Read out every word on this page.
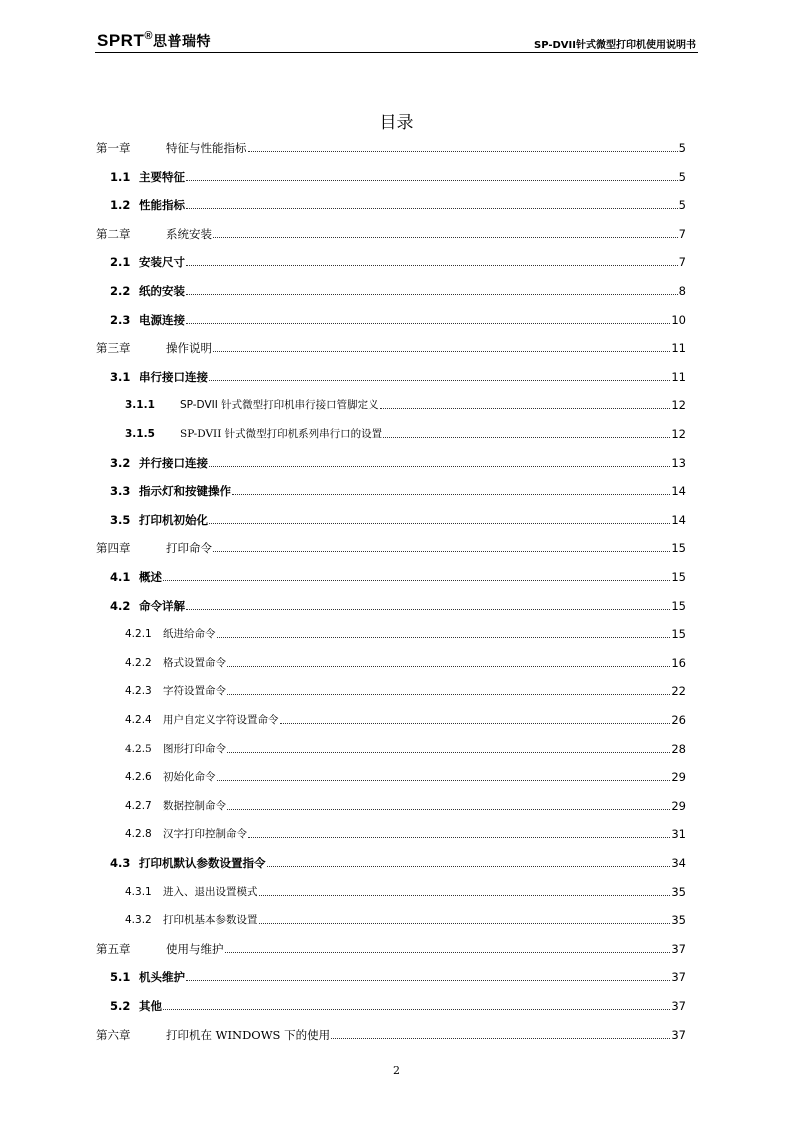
SPRT®思普瑞特	SP-DVII针式微型打印机使用说明书
目录
第一章	特征与性能指标	5
1.1 主要特征	5
1.2 性能指标	5
第二章	系统安装	7
2.1 安装尺寸	7
2.2 纸的安装	8
2.3 电源连接	10
第三章	操作说明	11
3.1 串行接口连接	11
3.1.1 SP-DVII 针式微型打印机串行接口管脚定义	12
3.1.5 SP-DVII 针式微型打印机系列串行口的设置	12
3.2 并行接口连接	13
3.3 指示灯和按键操作	14
3.5 打印机初始化	14
第四章	打印命令	15
4.1 概述	15
4.2 命令详解	15
4.2.1 纸进给命令	15
4.2.2 格式设置命令	16
4.2.3 字符设置命令	22
4.2.4 用户自定义字符设置命令	26
4.2.5 图形打印命令	28
4.2.6 初始化命令	29
4.2.7 数据控制命令	29
4.2.8 汉字打印控制命令	31
4.3 打印机默认参数设置指令	34
4.3.1 进入、退出设置模式	35
4.3.2 打印机基本参数设置	35
第五章	使用与维护	37
5.1 机头维护	37
5.2 其他	37
第六章	打印机在 WINDOWS 下的使用	37
2
